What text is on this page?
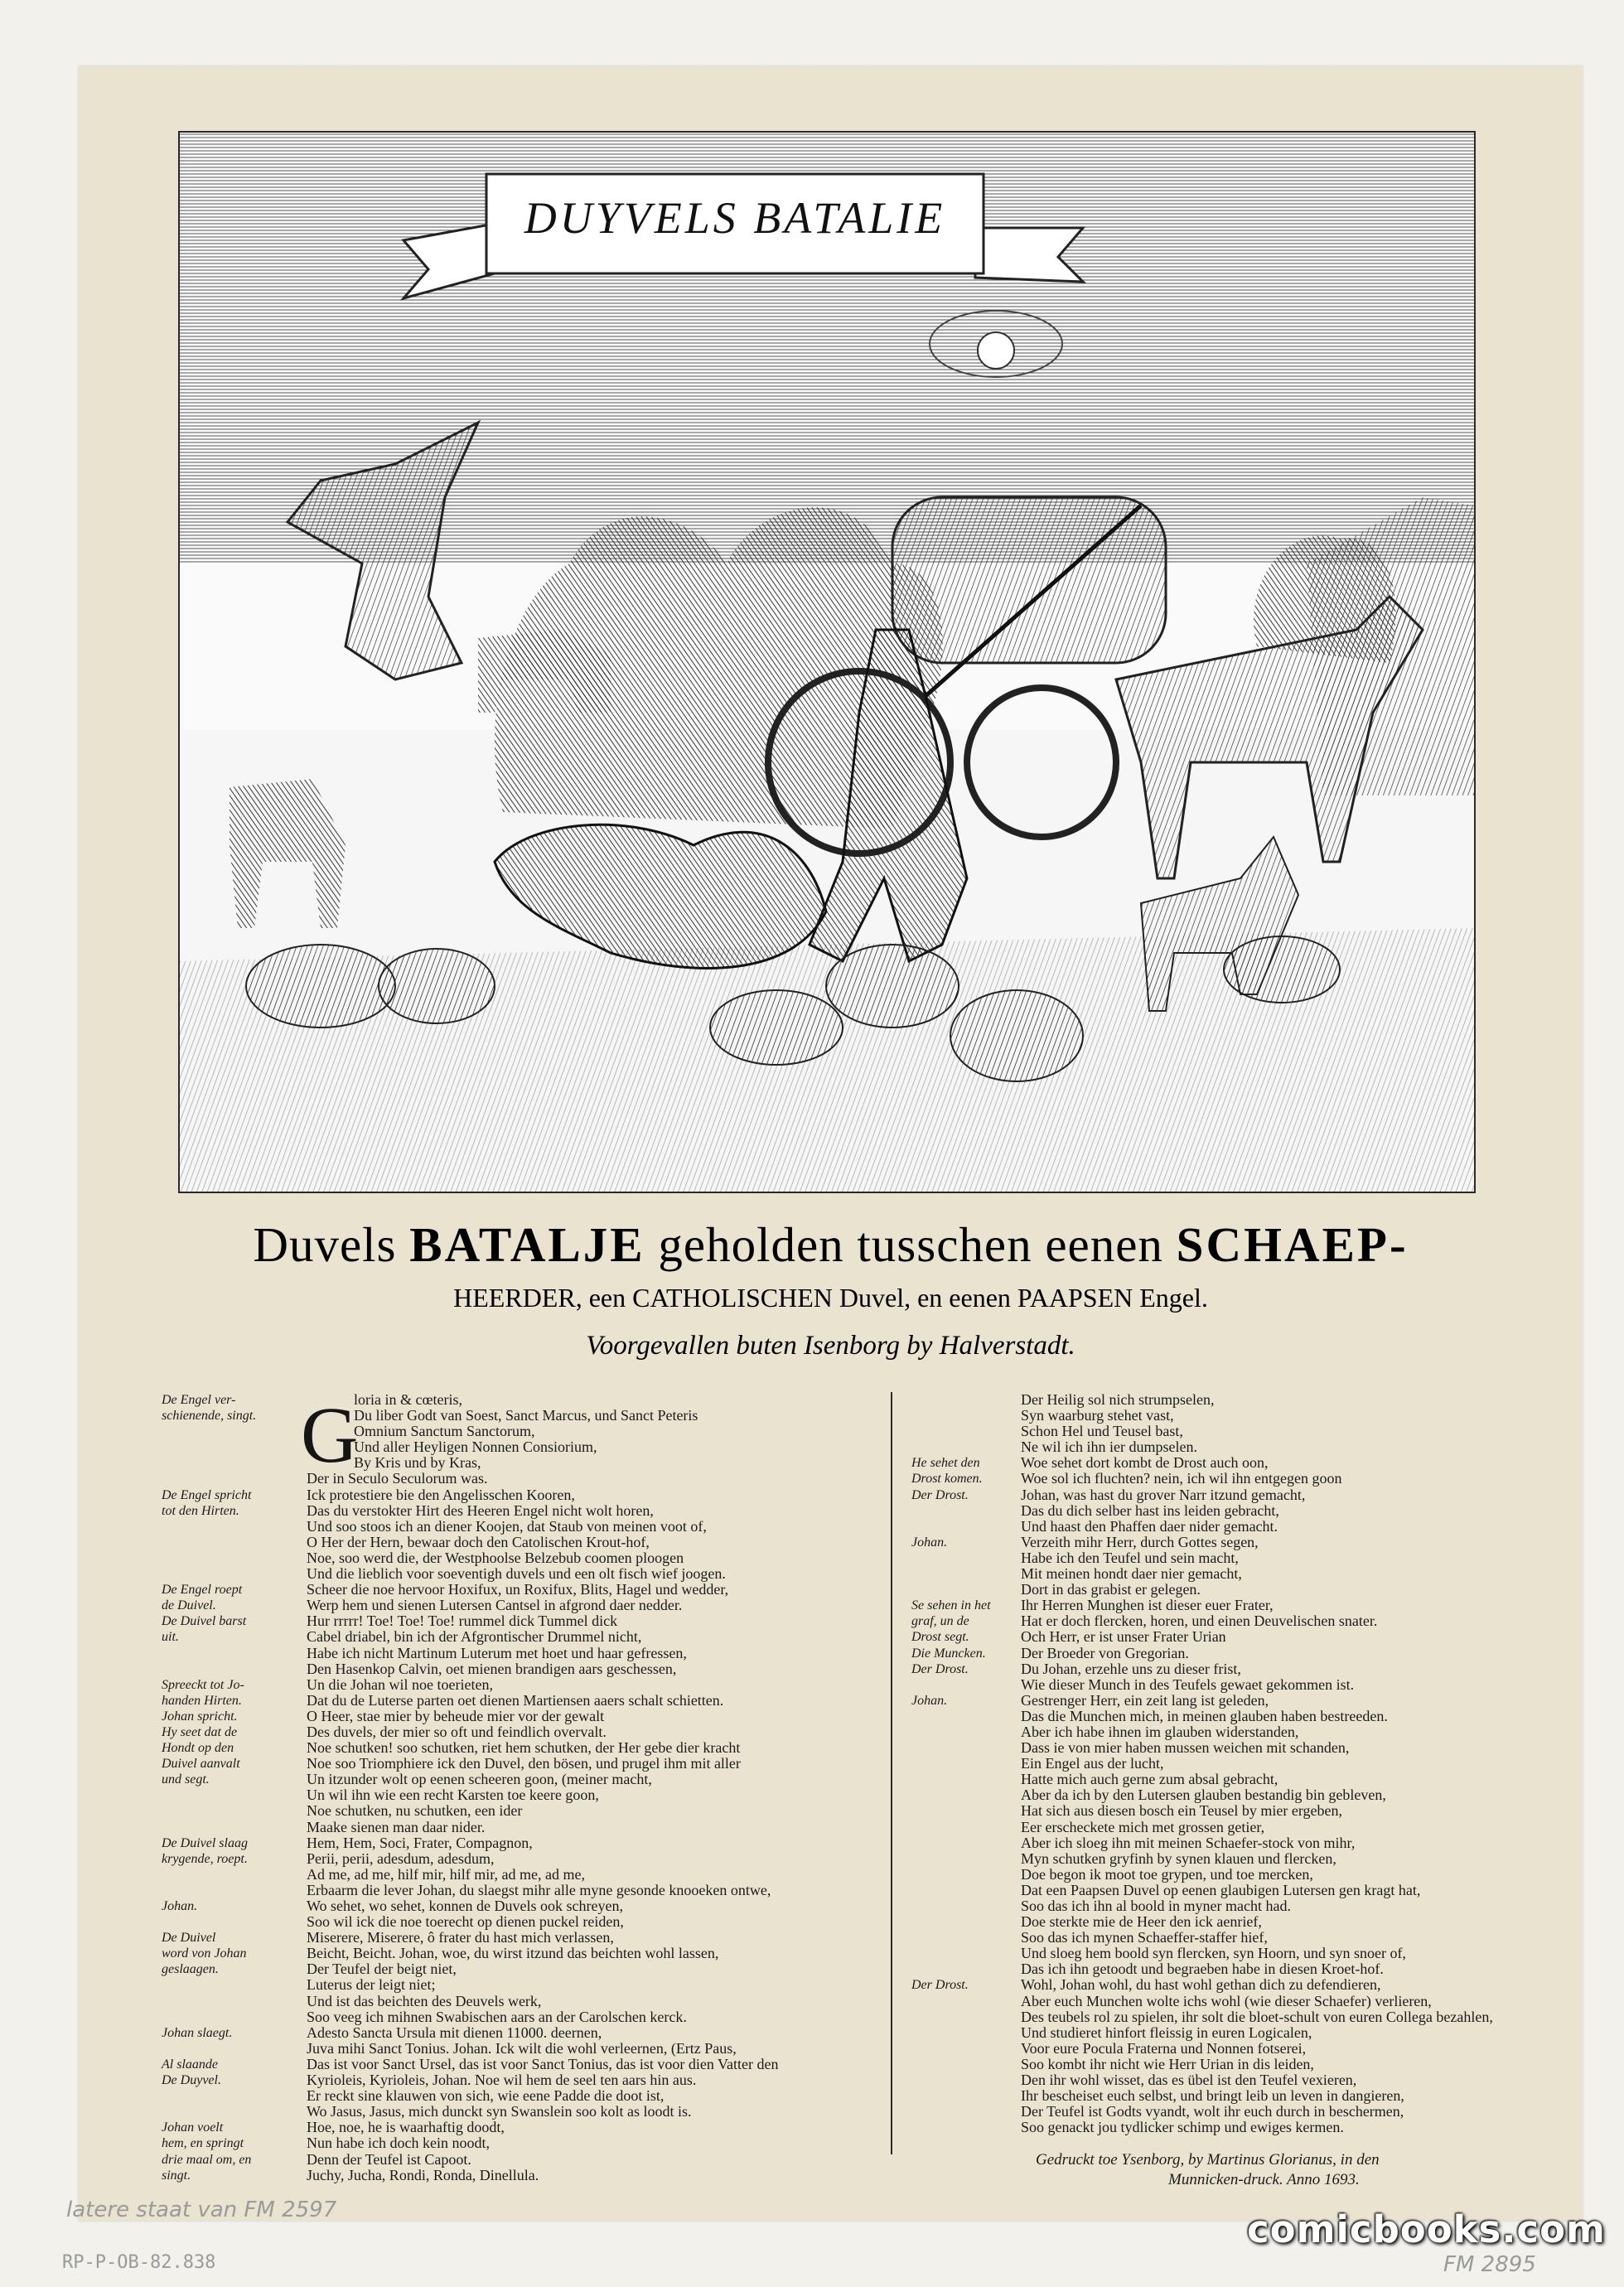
DUYVELS BATALIE
Duvels BATALJE geholden tusschen eenen SCHAEP-
HEERDER, een CATHOLISCHEN Duvel, en eenen PAAPSEN Engel.
Voorgevallen buten Isenborg by Halverstadt.
G
De Engel ver-	loria in & cœteris,
schienende, singt.	Du liber Godt van Soest, Sanct Marcus, und Sanct Peteris
Omnium Sanctum Sanctorum,
Und aller Heyligen Nonnen Consiorium,
By Kris und by Kras,
Der in Seculo Seculorum was.
De Engel spricht	Ick protestiere bie den Angelisschen Kooren,
tot den Hirten.	Das du verstokter Hirt des Heeren Engel nicht wolt horen,
Und soo stoos ich an diener Koojen, dat Staub von meinen voot of,
O Her der Hern, bewaar doch den Catolischen Krout-hof,
Noe, soo werd die, der Westphoolse Belzebub coomen ploogen
Und die lieblich voor soeventigh duvels und een olt fisch wief joogen.
De Engel roept	Scheer die noe hervoor Hoxifux, un Roxifux, Blits, Hagel und wedder,
de Duivel.	Werp hem und sienen Lutersen Cantsel in afgrond daer nedder.
De Duivel barst	Hur rrrrr! Toe! Toe! Toe! rummel dick Tummel dick
uit.	Cabel driabel, bin ich der Afgrontischer Drummel nicht,
Habe ich nicht Martinum Luterum met hoet und haar gefressen,
Den Hasenkop Calvin, oet mienen brandigen aars geschessen,
Spreeckt tot Jo-	Un die Johan wil noe toerieten,
handen Hirten.	Dat du de Luterse parten oet dienen Martiensen aaers schalt schietten.
Johan spricht.	O Heer, stae mier by beheude mier vor der gewalt
Hy seet dat de	Des duvels, der mier so oft und feindlich overvalt.
Hondt op den	Noe schutken! soo schutken, riet hem schutken, der Her gebe dier kracht
Duivel aanvalt	Noe soo Triomphiere ick den Duvel, den bösen, und prugel ihm mit aller
und segt.	Un itzunder wolt op eenen scheeren goon, (meiner macht,
Un wil ihn wie een recht Karsten toe keere goon,
Noe schutken, nu schutken, een ider
Maake sienen man daar nider.
De Duivel slaag	Hem, Hem, Soci, Frater, Compagnon,
krygende, roept.	Perii, perii, adesdum, adesdum,
Ad me, ad me, hilf mir, hilf mir, ad me, ad me,
Erbaarm die lever Johan, du slaegst mihr alle myne gesonde knooeken ontwe,
Johan.	Wo sehet, wo sehet, konnen de Duvels ook schreyen,
Soo wil ick die noe toerecht op dienen puckel reiden,
De Duivel	Miserere, Miserere, ô frater du hast mich verlassen,
word von Johan	Beicht, Beicht. Johan, woe, du wirst itzund das beichten wohl lassen,
geslaagen.	Der Teufel der beigt niet,
Luterus der leigt niet;
Und ist das beichten des Deuvels werk,
Soo veeg ich mihnen Swabischen aars an der Carolschen kerck.
Johan slaegt.	Adesto Sancta Ursula mit dienen 11000. deernen,
Juva mihi Sanct Tonius. Johan. Ick wilt die wohl verleernen, (Ertz Paus,
Al slaande	Das ist voor Sanct Ursel, das ist voor Sanct Tonius, das ist voor dien Vatter den
De Duyvel.	Kyrioleis, Kyrioleis, Johan. Noe wil hem de seel ten aars hin aus.
Er reckt sine klauwen von sich, wie eene Padde die doot ist,
Wo Jasus, Jasus, mich dunckt syn Swanslein soo kolt as loodt is.
Johan voelt	Hoe, noe, he is waarhaftig doodt,
hem, en springt	Nun habe ich doch kein noodt,
drie maal om, en	Denn der Teufel ist Capoot.
singt.	Juchy, Jucha, Rondi, Ronda, Dinellula.
Der Heilig sol nich strumpselen,
Syn waarburg stehet vast,
Schon Hel und Teusel bast,
Ne wil ich ihn ier dumpselen.
He sehet den	Woe sehet dort kombt de Drost auch oon,
Drost komen.	Woe sol ich fluchten? nein, ich wil ihn entgegen goon
Der Drost.	Johan, was hast du grover Narr itzund gemacht,
Das du dich selber hast ins leiden gebracht,
Und haast den Phaffen daer nider gemacht.
Johan.	Verzeith mihr Herr, durch Gottes segen,
Habe ich den Teufel und sein macht,
Mit meinen hondt daer nier gemacht,
Dort in das grabist er gelegen.
Se sehen in het	Ihr Herren Munghen ist dieser euer Frater,
graf, un de	Hat er doch flercken, horen, und einen Deuvelischen snater.
Drost segt.	Och Herr, er ist unser Frater Urian
Die Muncken.	Der Broeder von Gregorian.
Der Drost.	Du Johan, erzehle uns zu dieser frist,
Wie dieser Munch in des Teufels gewaet gekommen ist.
Johan.	Gestrenger Herr, ein zeit lang ist geleden,
Das die Munchen mich, in meinen glauben haben bestreeden.
Aber ich habe ihnen im glauben widerstanden,
Dass ie von mier haben mussen weichen mit schanden,
Ein Engel aus der lucht,
Hatte mich auch gerne zum absal gebracht,
Aber da ich by den Lutersen glauben bestandig bin gebleven,
Hat sich aus diesen bosch ein Teusel by mier ergeben,
Eer erscheckete mich met grossen getier,
Aber ich sloeg ihn mit meinen Schaefer-stock von mihr,
Myn schutken gryfinh by synen klauen und flercken,
Doe begon ik moot toe grypen, und toe mercken,
Dat een Paapsen Duvel op eenen glaubigen Lutersen gen kragt hat,
Soo das ich ihn al boold in myner macht had.
Doe sterkte mie de Heer den ick aenrief,
Soo das ich mynen Schaeffer-staffer hief,
Und sloeg hem boold syn flercken, syn Hoorn, und syn snoer of,
Das ich ihn getoodt und begraeben habe in diesen Kroet-hof.
Der Drost.	Wohl, Johan wohl, du hast wohl gethan dich zu defendieren,
Aber euch Munchen wolte ichs wohl (wie dieser Schaefer) verlieren,
Des teubels rol zu spielen, ihr solt die bloet-schult von euren Collega bezahlen,
Und studieret hinfort fleissig in euren Logicalen,
Voor eure Pocula Fraterna und Nonnen fotserei,
Soo kombt ihr nicht wie Herr Urian in dis leiden,
Den ihr wohl wisset, das es übel ist den Teufel vexieren,
Ihr bescheiset euch selbst, und bringt leib un leven in dangieren,
Der Teufel ist Godts vyandt, wolt ihr euch durch in beschermen,
Soo genackt jou tydlicker schimp und ewiges kermen.
Gedruckt toe Ysenborg, by Martinus Glorianus, in den
Munnicken-druck. Anno 1693.
latere staat van FM 2597
RP-P-OB-82.838
comicbooks.com
FM 2895
